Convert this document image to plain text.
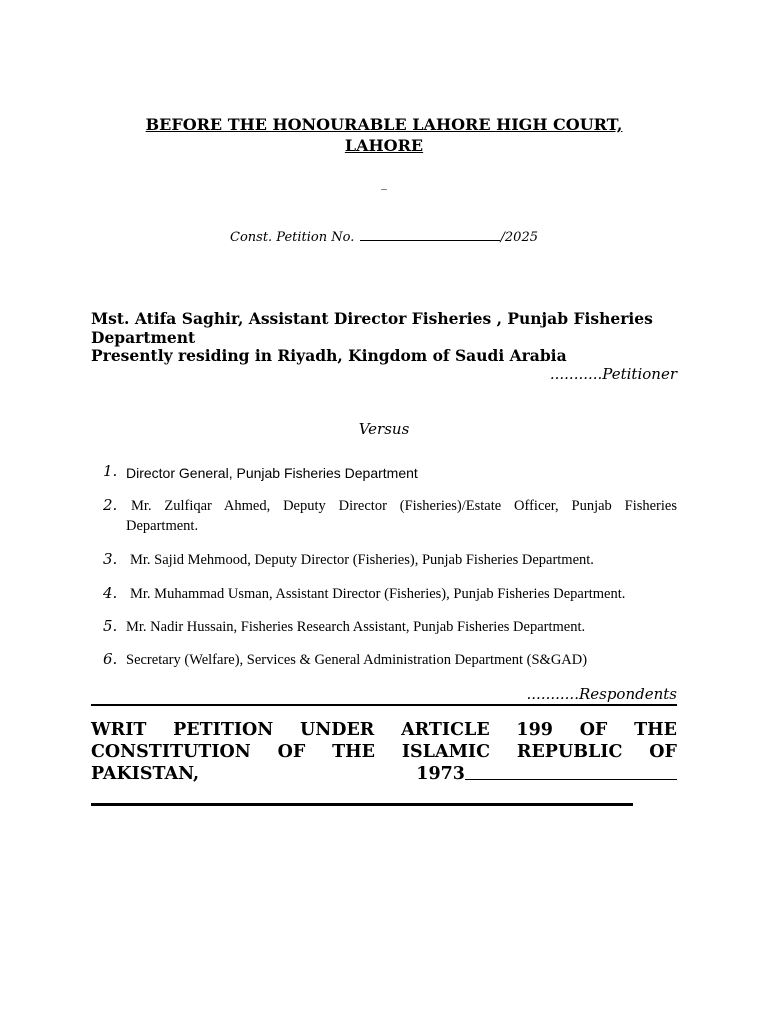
BEFORE THE HONOURABLE LAHORE HIGH COURT,
LAHORE
_
Const. Petition No.	/2025
Mst. Atifa Saghir, Assistant Director Fisheries , Punjab Fisheries
Department
Presently residing in Riyadh, Kingdom of Saudi Arabia
...........Petitioner
Versus
1. Director General, Punjab Fisheries Department
2. Mr. Zulfiqar Ahmed, Deputy Director (Fisheries)/Estate Officer, Punjab Fisheries Department.
3. Mr. Sajid Mehmood, Deputy Director (Fisheries), Punjab Fisheries Department.
4. Mr. Muhammad Usman, Assistant Director (Fisheries), Punjab Fisheries Department.
5. Mr. Nadir Hussain, Fisheries Research Assistant, Punjab Fisheries Department.
6. Secretary (Welfare), Services & General Administration Department (S&GAD)
...........Respondents
WRIT PETITION UNDER ARTICLE 199 OF THE
CONSTITUTION OF THE ISLAMIC REPUBLIC OF
PAKISTAN,	1973
